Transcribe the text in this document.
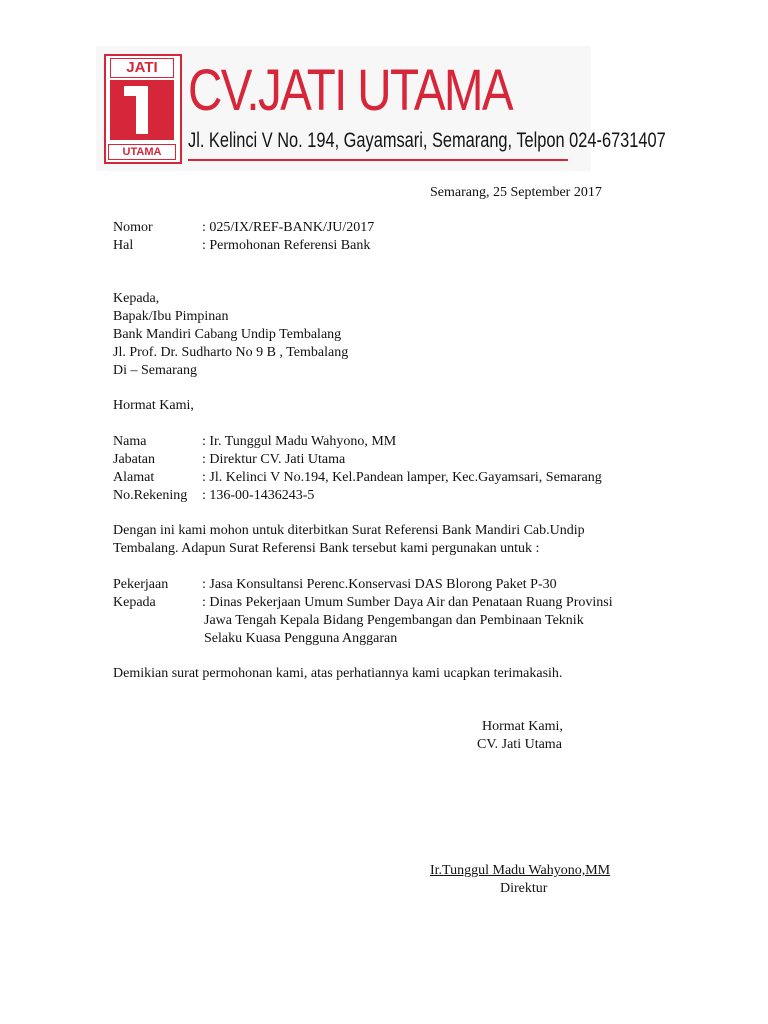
JATI
UTAMA
CV.JATI UTAMA
Jl. Kelinci V No. 194, Gayamsari, Semarang, Telpon 024-6731407
Semarang, 25 September 2017
Nomor	: 025/IX/REF-BANK/JU/2017
Hal	: Permohonan Referensi Bank
Kepada,
Bapak/Ibu Pimpinan
Bank Mandiri Cabang Undip Tembalang
Jl. Prof. Dr. Sudharto No 9 B , Tembalang
Di – Semarang
Hormat Kami,
Nama	: Ir. Tunggul Madu Wahyono, MM
Jabatan	: Direktur CV. Jati Utama
Alamat	: Jl. Kelinci V No.194, Kel.Pandean lamper, Kec.Gayamsari, Semarang
No.Rekening : 136-00-1436243-5
Dengan ini kami mohon untuk diterbitkan Surat Referensi Bank Mandiri Cab.Undip
Tembalang. Adapun Surat Referensi Bank tersebut kami pergunakan untuk :
Pekerjaan : Jasa Konsultansi Perenc.Konservasi DAS Blorong Paket P-30
Kepada	: Dinas Pekerjaan Umum Sumber Daya Air dan Penataan Ruang Provinsi
Jawa Tengah Kepala Bidang Pengembangan dan Pembinaan Teknik
Selaku Kuasa Pengguna Anggaran
Demikian surat permohonan kami, atas perhatiannya kami ucapkan terimakasih.
Hormat Kami,
CV. Jati Utama
Ir.Tunggul Madu Wahyono,MM
Direktur
